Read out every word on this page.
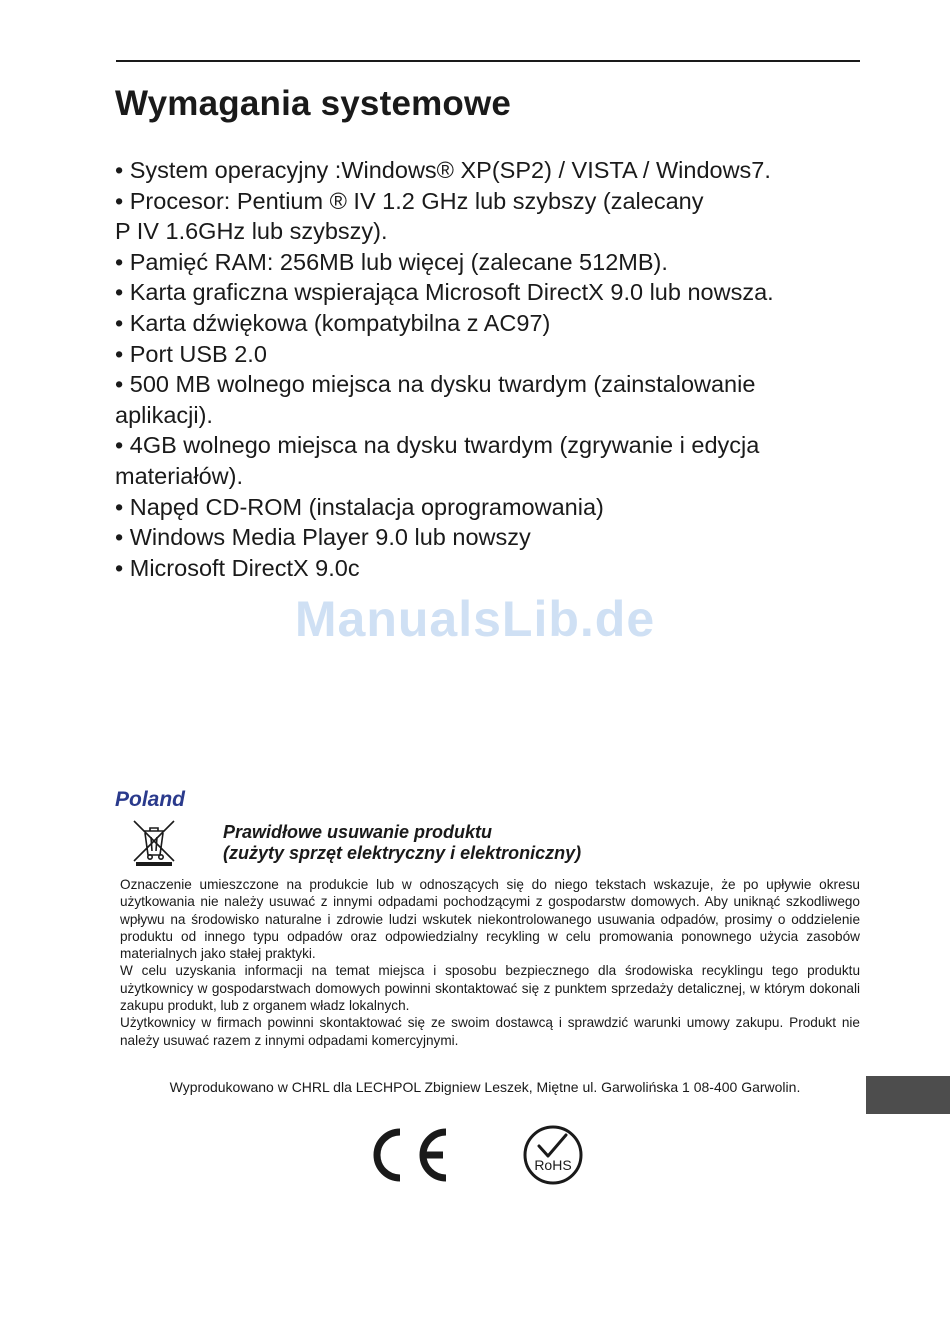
Wymagania systemowe
• System operacyjny :Windows® XP(SP2) / VISTA / Windows7.
• Procesor: Pentium ® IV 1.2 GHz lub szybszy (zalecany
P IV 1.6GHz lub szybszy).
• Pamięć RAM: 256MB lub więcej (zalecane 512MB).
• Karta graficzna wspierająca Microsoft DirectX 9.0 lub nowsza.
• Karta dźwiękowa (kompatybilna z AC97)
• Port USB 2.0
• 500 MB wolnego miejsca na dysku twardym (zainstalowanie
aplikacji).
• 4GB wolnego miejsca na dysku twardym (zgrywanie i edycja
materiałów).
• Napęd CD-ROM (instalacja oprogramowania)
• Windows Media Player 9.0 lub nowszy
• Microsoft DirectX 9.0c
ManualsLib.de
Poland
Prawidłowe usuwanie produktu
(zużyty sprzęt elektryczny i elektroniczny)

Oznaczenie umieszczone na produkcie lub w odnoszących się do niego tekstach wskazuje, że po upływie okresu użytkowania nie należy usuwać z innymi odpadami pochodzącymi z gospodarstw domowych. Aby uniknąć szkodliwego wpływu na środowisko naturalne i zdrowie ludzi wskutek niekontrolowanego usuwania odpadów, prosimy o oddzielenie produktu od innego typu odpadów oraz odpowiedzialny recykling w celu promowania ponownego użycia zasobów materialnych jako stałej praktyki.

W celu uzyskania informacji na temat miejsca i sposobu bezpiecznego dla środowiska recyklingu tego produktu użytkownicy w gospodarstwach domowych powinni skontaktować się z punktem sprzedaży detalicznej, w którym dokonali zakupu produkt, lub z organem władz lokalnych.

Użytkownicy w firmach powinni skontaktować się ze swoim dostawcą i sprawdzić warunki umowy zakupu. Produkt nie należy usuwać razem z innymi odpadami komercyjnymi.

Wyprodukowano w CHRL dla LECHPOL Zbigniew Leszek, Miętne ul. Garwolińska 1 08-400 Garwolin.
RoHS
